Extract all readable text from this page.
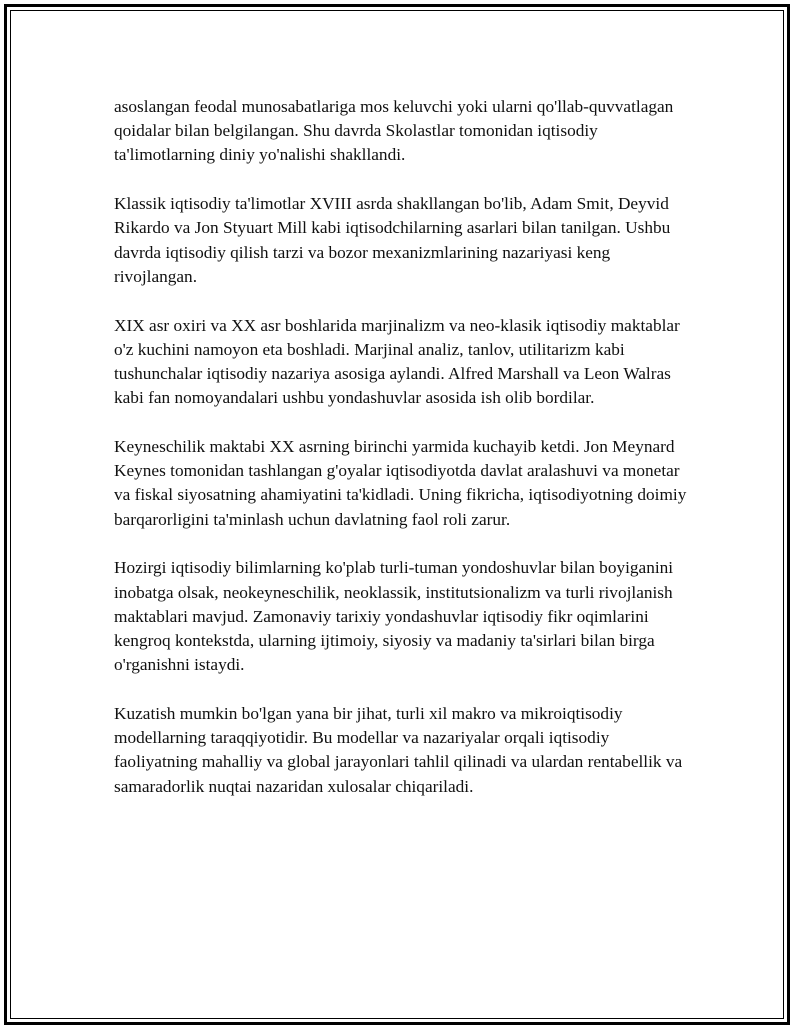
asoslangan feodal munosabatlariga mos keluvchi yoki ularni qo'llab-quvvatlagan qoidalar bilan belgilangan. Shu davrda Skolastlar tomonidan iqtisodiy ta'limotlarning diniy yo'nalishi shakllandi.

Klassik iqtisodiy ta'limotlar XVIII asrda shakllangan bo'lib, Adam Smit, Deyvid Rikardo va Jon Styuart Mill kabi iqtisodchilarning asarlari bilan tanilgan. Ushbu davrda iqtisodiy qilish tarzi va bozor mexanizmlarining nazariyasi keng rivojlangan.

XIX asr oxiri va XX asr boshlarida marjinalizm va neo-klasik iqtisodiy maktablar o'z kuchini namoyon eta boshladi. Marjinal analiz, tanlov, utilitarizm kabi tushunchalar iqtisodiy nazariya asosiga aylandi. Alfred Marshall va Leon Walras kabi fan nomoyandalari ushbu yondashuvlar asosida ish olib bordilar.

Keyneschilik maktabi XX asrning birinchi yarmida kuchayib ketdi. Jon Meynard Keynes tomonidan tashlangan g'oyalar iqtisodiyotda davlat aralashuvi va monetar va fiskal siyosatning ahamiyatini ta'kidladi. Uning fikricha, iqtisodiyotning doimiy barqarorligini ta'minlash uchun davlatning faol roli zarur.

Hozirgi iqtisodiy bilimlarning ko'plab turli-tuman yondoshuvlar bilan boyiganini inobatga olsak, neokeyneschilik, neoklassik, institutsionalizm va turli rivojlanish maktablari mavjud. Zamonaviy tarixiy yondashuvlar iqtisodiy fikr oqimlarini kengroq kontekstda, ularning ijtimoiy, siyosiy va madaniy ta'sirlari bilan birga o'rganishni istaydi.

Kuzatish mumkin bo'lgan yana bir jihat, turli xil makro va mikroiqtisodiy modellarning taraqqiyotidir. Bu modellar va nazariyalar orqali iqtisodiy faoliyatning mahalliy va global jarayonlari tahlil qilinadi va ulardan rentabellik va samaradorlik nuqtai nazaridan xulosalar chiqariladi.
